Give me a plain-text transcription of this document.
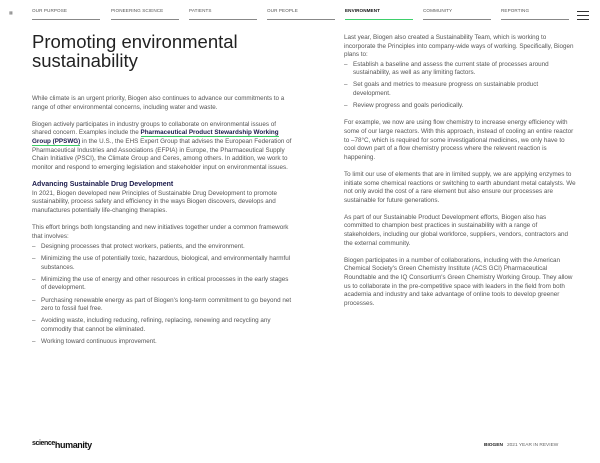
▦	OUR PURPOSE	PIONEERING SCIENCE	PATIENTS	OUR PEOPLE	ENVIRONMENT	COMMUNITY	REPORTING
Promoting environmental sustainability

While climate is an urgent priority, Biogen also continues to advance our commitments to a range of other environmental concerns, including water and waste.

Biogen actively participates in industry groups to collaborate on environmental issues of shared concern. Examples include the Pharmaceutical Product Stewardship Working Group (PPSWG) in the U.S., the EHS Expert Group that advises the European Federation of Pharmaceutical Industries and Associations (EFPIA) in Europe, the Pharmaceutical Supply Chain Initiative (PSCI), the Climate Group and Ceres, among others. In addition, we work to monitor and respond to emerging legislation and stakeholder input on environmental issues.

Advancing Sustainable Drug Development

In 2021, Biogen developed new Principles of Sustainable Drug Development to promote sustainability, process safety and efficiency in the ways Biogen discovers, develops and manufactures potentially life-changing therapies.

This effort brings both longstanding and new initiatives together under a common framework that involves:

– Designing processes that protect workers, patients, and the environment.
– Minimizing the use of potentially toxic, hazardous, biological, and environmentally harmful substances.
– Minimizing the use of energy and other resources in critical processes in the early stages of development.
– Purchasing renewable energy as part of Biogen's long-term commitment to go beyond net zero to fossil fuel free.
– Avoiding waste, including reducing, refining, replacing, renewing and recycling any commodity that cannot be eliminated.
– Working toward continuous improvement.

Last year, Biogen also created a Sustainability Team, which is working to incorporate the Principles into company-wide ways of working. Specifically, Biogen plans to:

– Establish a baseline and assess the current state of processes around sustainability, as well as any limiting factors.
– Set goals and metrics to measure progress on sustainable product development.
– Review progress and goals periodically.

For example, we now are using flow chemistry to increase energy efficiency with some of our large reactors. With this approach, instead of cooling an entire reactor to –78°C, which is required for some investigational medicines, we only have to cool down part of a flow chemistry process where the relevent reaction is happening.

To limit our use of elements that are in limited supply, we are applying enzymes to initiate some chemical reactions or switching to earth abundant metal catalysts. We not only avoid the cost of a rare element but also ensure our processes are sustainable for future generations.

As part of our Sustainable Product Development efforts, Biogen also has committed to champion best practices in sustainability with a range of stakeholders, including our global workforce, suppliers, vendors, contractors and the external community.

Biogen participates in a number of collaborations, including with the American Chemical Society's Green Chemistry Institute (ACS GCI) Pharmaceutical Roundtable and the IQ Consortium's Green Chemistry Working Group. They allow us to collaborate in the pre-competitive space with leaders in the field from both academia and industry and take advantage of online tools to develop greener processes.

$^{science}$humanity	BIOGEN 2021 YEAR IN REVIEW
